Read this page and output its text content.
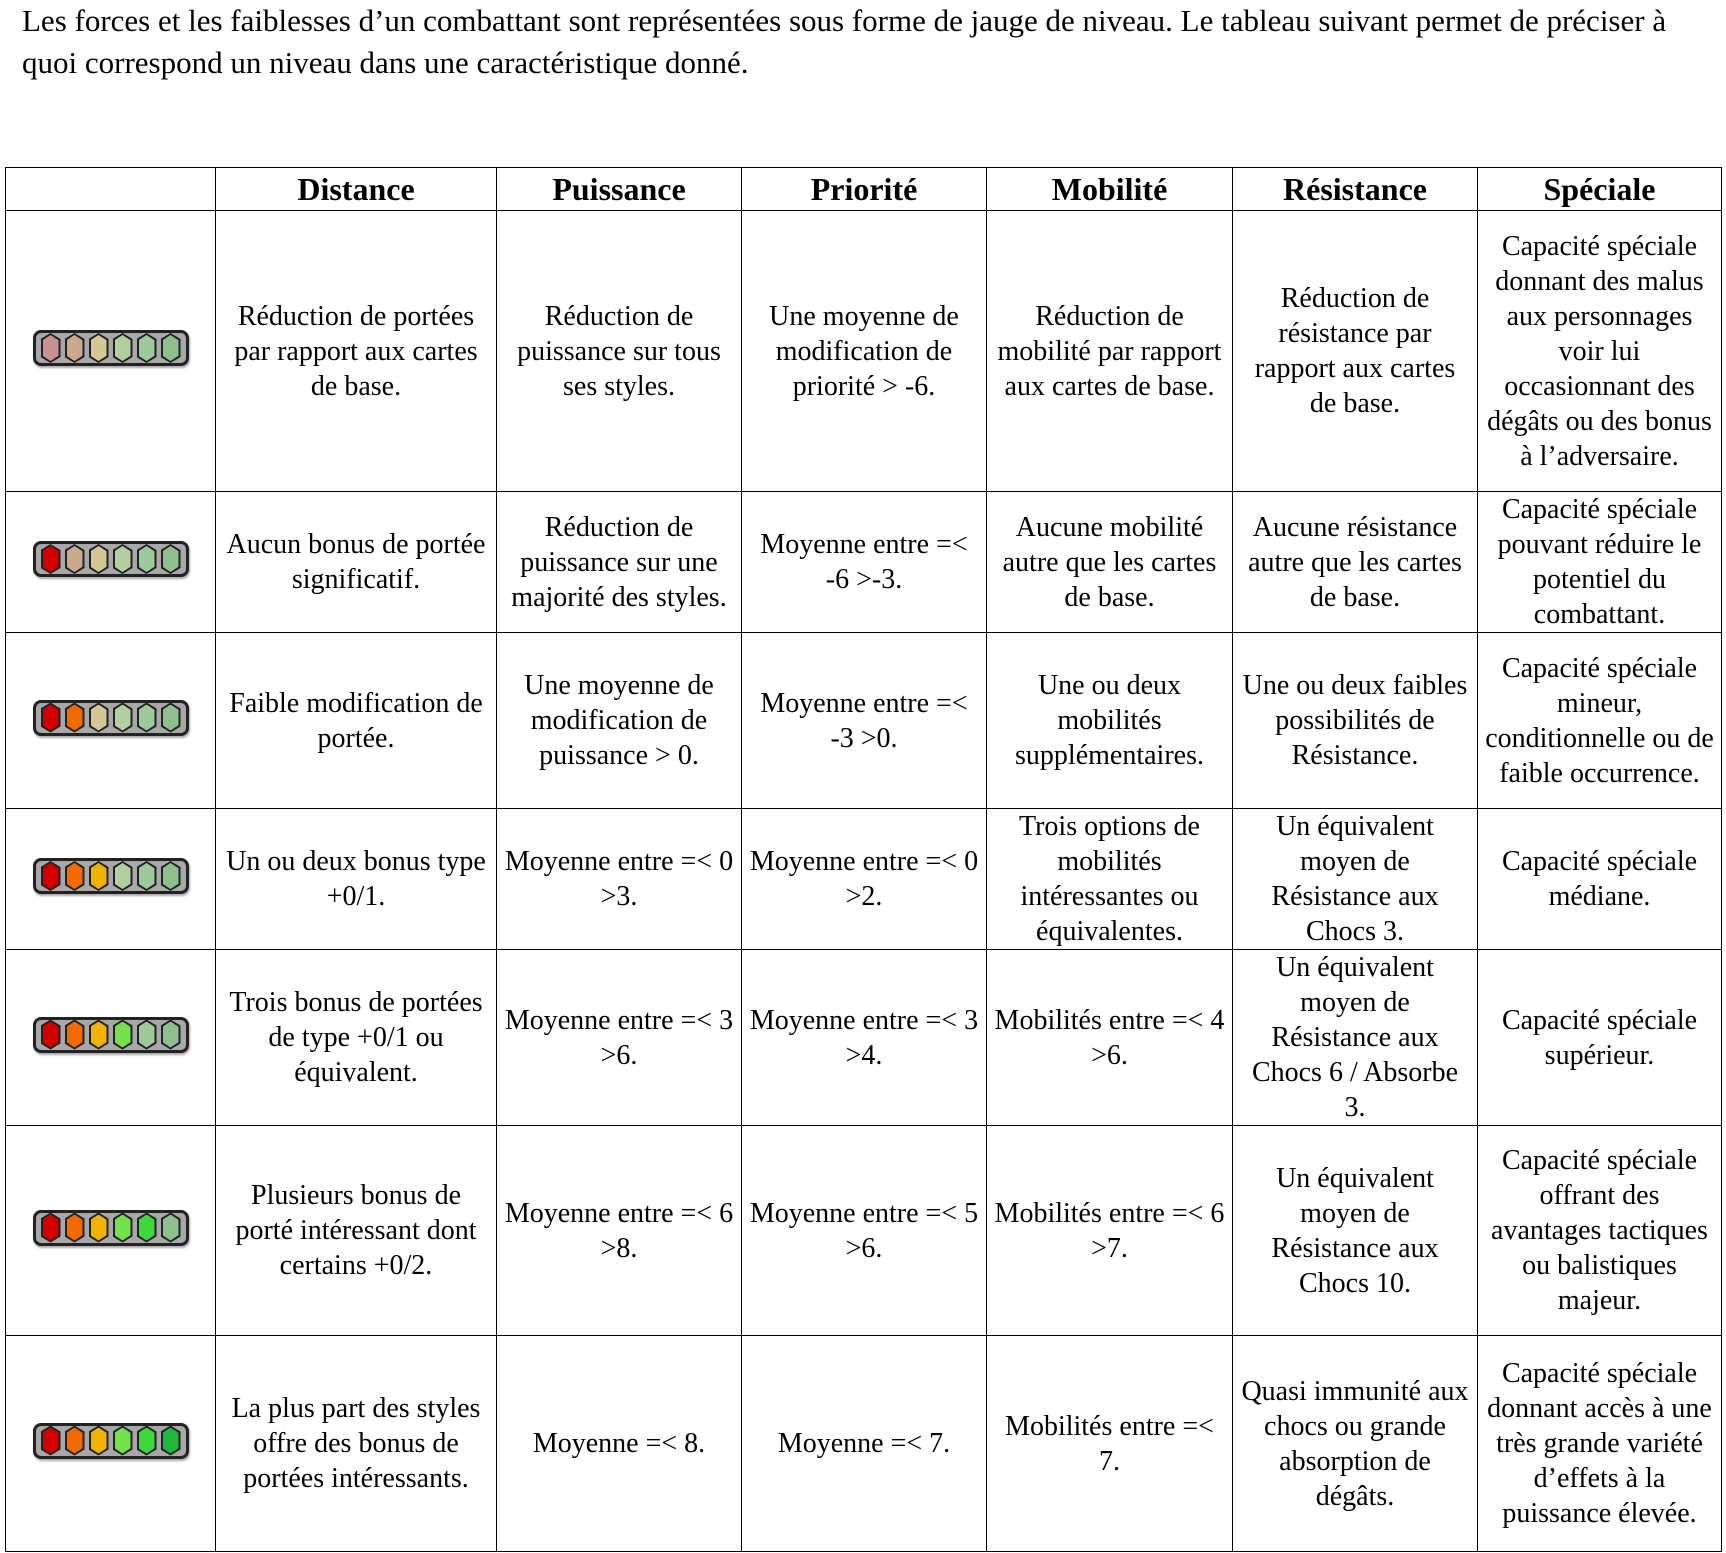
Les forces et les faiblesses d’un combattant sont représentées sous forme de jauge de niveau. Le tableau suivant permet de préciser à quoi correspond un niveau dans une caractéristique donné.

	Distance	Puissance	Priorité	Mobilité	Résistance	Spéciale

	Réduction de portées par rapport aux cartes de base.	Réduction de puissance sur tous ses styles.	Une moyenne de modification de priorité > -6.	Réduction de mobilité par rapport aux cartes de base.	Réduction de résistance par rapport aux cartes de base.	Capacité spéciale donnant des malus aux personnages voir lui occasionnant des dégâts ou des bonus à l’adversaire.

	Aucun bonus de portée significatif.	Réduction de puissance sur une majorité des styles.	Moyenne entre =< -6 >-3.	Aucune mobilité autre que les cartes de base.	Aucune résistance autre que les cartes de base.	Capacité spéciale pouvant réduire le potentiel du combattant.

	Faible modification de portée.	Une moyenne de modification de puissance > 0.	Moyenne entre =< -3 >0.	Une ou deux mobilités supplémentaires.	Une ou deux faibles possibilités de Résistance.	Capacité spéciale mineur, conditionnelle ou de faible occurrence.

	Un ou deux bonus type +0/1.	Moyenne entre =< 0 >3.	Moyenne entre =< 0 >2.	Trois options de mobilités intéressantes ou équivalentes.	Un équivalent moyen de Résistance aux Chocs 3.	Capacité spéciale médiane.

	Trois bonus de portées de type +0/1 ou équivalent.	Moyenne entre =< 3 >6.	Moyenne entre =< 3 >4.	Mobilités entre =< 4 >6.	Un équivalent moyen de Résistance aux Chocs 6 / Absorbe 3.	Capacité spéciale supérieur.

	Plusieurs bonus de porté intéressant dont certains +0/2.	Moyenne entre =< 6 >8.	Moyenne entre =< 5 >6.	Mobilités entre =< 6 >7.	Un équivalent moyen de Résistance aux Chocs 10.	Capacité spéciale offrant des avantages tactiques ou balistiques majeur.

	La plus part des styles offre des bonus de portées intéressants.	Moyenne =< 8.	Moyenne =< 7.	Mobilités entre =< 7.	Quasi immunité aux chocs ou grande absorption de dégâts.	Capacité spéciale donnant accès à une très grande variété d’effets à la puissance élevée.
